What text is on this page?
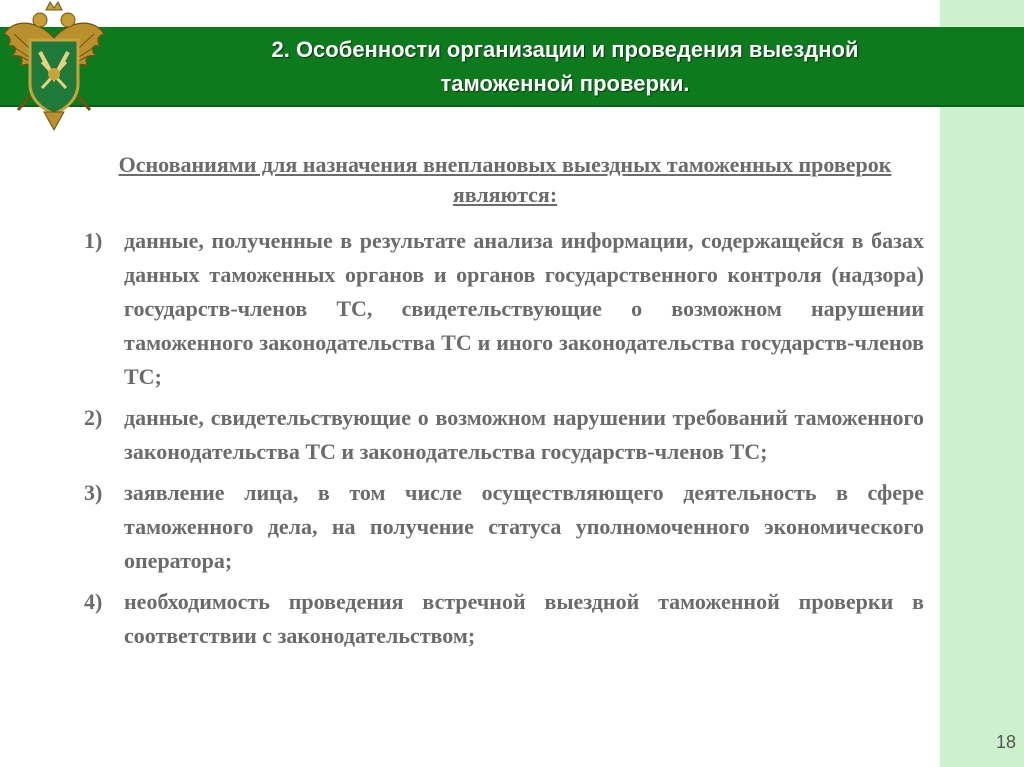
2. Особенности организации и проведения выездной
таможенной проверки.
Основаниями для назначения внеплановых выездных таможенных проверок являются:
1) данные, полученные в результате анализа информации, содержащейся в базах данных таможенных органов и органов государственного контроля (надзора) государств-членов ТС, свидетельствующие о возможном нарушении таможенного законодательства ТС и иного законодательства государств-членов ТС;
2) данные, свидетельствующие о возможном нарушении требований таможенного законодательства ТС и законодательства государств-членов ТС;
3) заявление лица, в том числе осуществляющего деятельность в сфере таможенного дела, на получение статуса уполномоченного экономического оператора;
4) необходимость проведения встречной выездной таможенной проверки в соответствии с законодательством;
18
